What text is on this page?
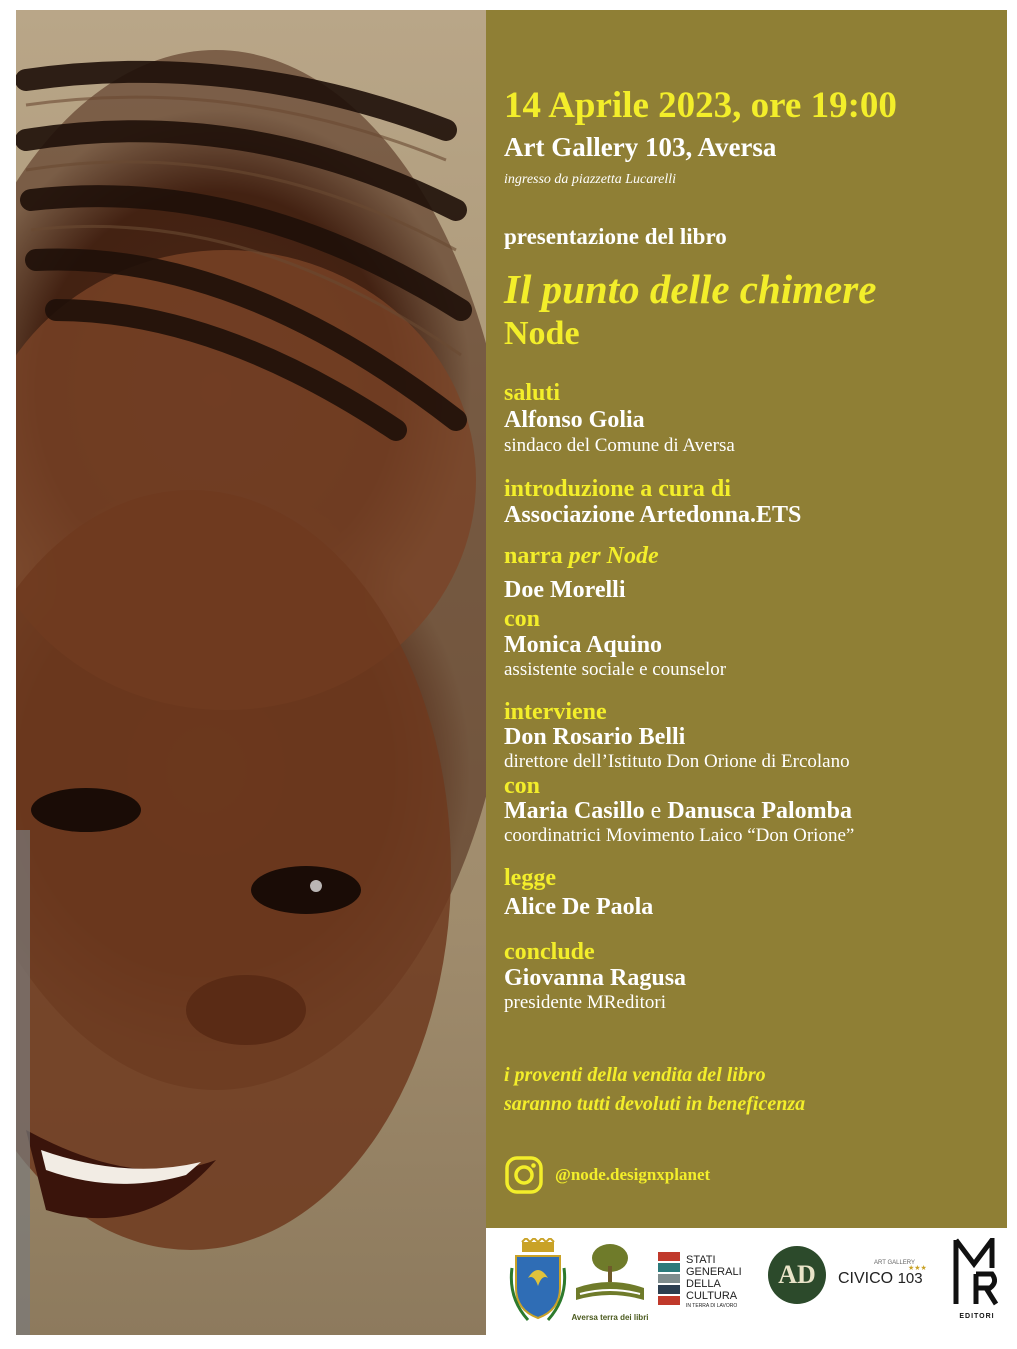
14 Aprile 2023, ore 19:00

Art Gallery 103, Aversa

ingresso da piazzetta Lucarelli

presentazione del libro

Il punto delle chimere

Node

saluti

Alfonso Golia

sindaco del Comune di Aversa

introduzione a cura di

Associazione Artedonna.ETS

narra per Node

Doe Morelli

con

Monica Aquino

assistente sociale e counselor

interviene

Don Rosario Belli

direttore dell’Istituto Don Orione di Ercolano

con

Maria Casillo e Danusca Palomba

coordinatrici Movimento Laico “Don Orione”

legge

Alice De Paola

conclude

Giovanna Ragusa

presidente MReditori

i proventi della vendita del libro

saranno tutti devoluti in beneficenza

@node.designxplanet

Aversa terra dei libri
STATI
GENERALI
DELLA
CULTURA
IN TERRA DI LAVORO
AD	ART GALLERY
CIVICO 103
★★★
EDITORI
